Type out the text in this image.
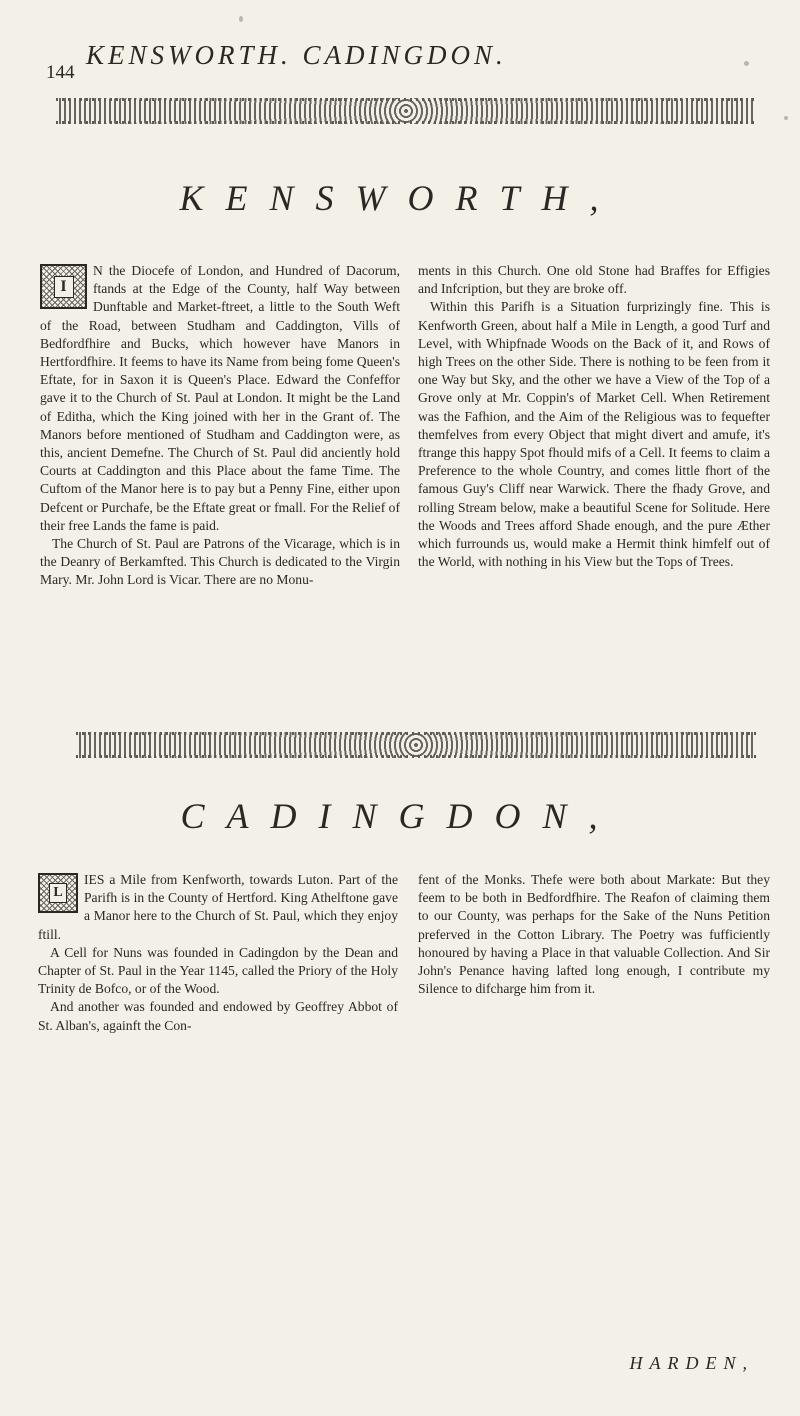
144
KENSWORTH. CADINGDON.
KENSWORTH,
I

N the Diocefe of London, and Hundred of Dacorum, ftands at the Edge of the County, half Way between Dunftable and Market-ftreet, a little to the South Weft of the Road, between Studham and Caddington, Vills of Bedfordfhire and Bucks, which however have Manors in Hertfordfhire. It feems to have its Name from being fome Queen's Eftate, for in Saxon it is Queen's Place. Edward the Confeffor gave it to the Church of St. Paul at London. It might be the Land of Editha, which the King joined with her in the Grant of. The Manors before mentioned of Studham and Caddington were, as this, ancient Demefne. The Church of St. Paul did anciently hold Courts at Caddington and this Place about the fame Time. The Cuftom of the Manor here is to pay but a Penny Fine, either upon Defcent or Purchafe, be the Eftate great or fmall. For the Relief of their free Lands the fame is paid.

The Church of St. Paul are Patrons of the Vicarage, which is in the Deanry of Berkamfted. This Church is dedicated to the Virgin Mary. Mr. John Lord is Vicar. There are no Monu-

ments in this Church. One old Stone had Braffes for Effigies and Infcription, but they are broke off.

Within this Parifh is a Situation furprizingly fine. This is Kenfworth Green, about half a Mile in Length, a good Turf and Level, with Whipfnade Woods on the Back of it, and Rows of high Trees on the other Side. There is nothing to be feen from it one Way but Sky, and the other we have a View of the Top of a Grove only at Mr. Coppin's of Market Cell. When Retirement was the Fafhion, and the Aim of the Religious was to fequefter themfelves from every Object that might divert and amufe, it's ftrange this happy Spot fhould mifs of a Cell. It feems to claim a Preference to the whole Country, and comes little fhort of the famous Guy's Cliff near Warwick. There the fhady Grove, and rolling Stream below, make a beautiful Scene for Solitude. Here the Woods and Trees afford Shade enough, and the pure Æther which furrounds us, would make a Hermit think himfelf out of the World, with nothing in his View but the Tops of Trees.

CADINGDON,
L

IES a Mile from Kenfworth, towards Luton. Part of the Parifh is in the County of Hertford. King Athelftone gave a Manor here to the Church of St. Paul, which they enjoy ftill.

A Cell for Nuns was founded in Cadingdon by the Dean and Chapter of St. Paul in the Year 1145, called the Priory of the Holy Trinity de Bofco, or of the Wood.

And another was founded and endowed by Geoffrey Abbot of St. Alban's, againft the Con-

fent of the Monks. Thefe were both about Markate: But they feem to be both in Bedfordfhire. The Reafon of claiming them to our County, was perhaps for the Sake of the Nuns Petition preferved in the Cotton Library. The Poetry was fufficiently honoured by having a Place in that valuable Collection. And Sir John's Penance having lafted long enough, I contribute my Silence to difcharge him from it.

HARDEN,
